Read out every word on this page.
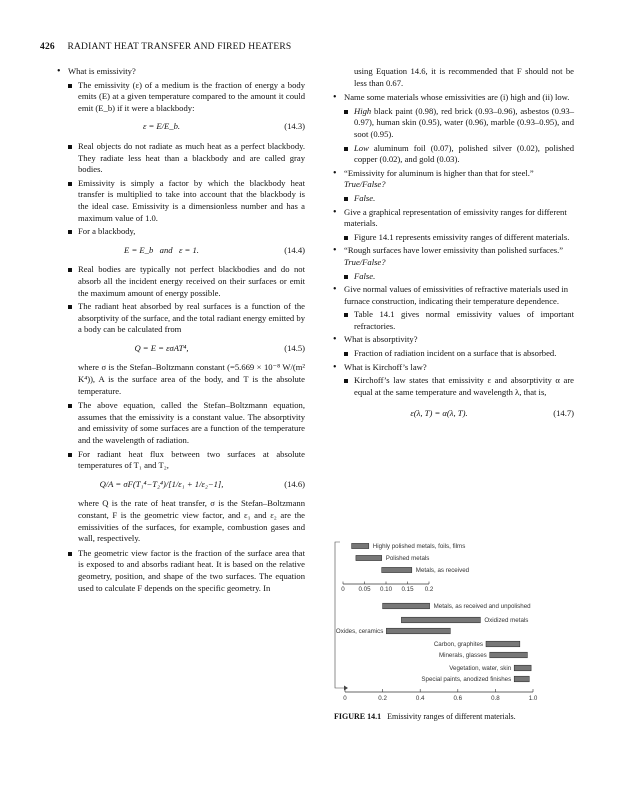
426 RADIANT HEAT TRANSFER AND FIRED HEATERS
• What is emissivity?
The emissivity (ε) of a medium is the fraction of energy a body emits (E) at a given temperature compared to the amount it could emit (E_b) if it were a blackbody:
ε = E/E_b.	(14.3)
Real objects do not radiate as much heat as a perfect blackbody. They radiate less heat than a blackbody and are called gray bodies.
Emissivity is simply a factor by which the blackbody heat transfer is multiplied to take into account that the blackbody is the ideal case. Emissivity is a dimensionless number and has a maximum value of 1.0.
For a blackbody,
E = E_b   and   ε = 1.	(14.4)
Real bodies are typically not perfect blackbodies and do not absorb all the incident energy received on their surfaces or emit the maximum amount of energy possible.
The radiant heat absorbed by real surfaces is a function of the absorptivity of the surface, and the total radiant energy emitted by a body can be calculated from
Q = E = εσAT⁴,	(14.5)
where σ is the Stefan–Boltzmann constant (=5.669 × 10⁻⁸ W/(m² K⁴)), A is the surface area of the body, and T is the absolute temperature.
The above equation, called the Stefan–Boltzmann equation, assumes that the emissivity is a constant value. The absorptivity and emissivity of some surfaces are a function of the temperature and the wavelength of radiation.
For radiant heat flux between two surfaces at absolute temperatures of T₁ and T₂,
Q/A = σF(T₁⁴−T₂⁴)/[1/ε₁ + 1/ε₂−1],	(14.6)
where Q is the rate of heat transfer, σ is the Stefan–Boltzmann constant, F is the geometric view factor, and ε₁ and ε₂ are the emissivities of the surfaces, for example, combustion gases and wall, respectively.
The geometric view factor is the fraction of the surface area that is exposed to and absorbs radiant heat. It is based on the relative geometry, position, and shape of the two surfaces. The equation used to calculate F depends on the specific geometry. In
using Equation 14.6, it is recommended that F should not be less than 0.67.
• Name some materials whose emissivities are (i) high and (ii) low.
High black paint (0.98), red brick (0.93–0.96), asbestos (0.93–0.97), human skin (0.95), water (0.96), marble (0.93–0.95), and soot (0.95).
Low aluminum foil (0.07), polished silver (0.02), polished copper (0.02), and gold (0.03).
• “Emissivity for aluminum is higher than that for steel.” True/False?
False.
• Give a graphical representation of emissivity ranges for different materials.
Figure 14.1 represents emissivity ranges of different materials.
• “Rough surfaces have lower emissivity than polished surfaces.” True/False?
False.
• Give normal values of emissivities of refractive materials used in furnace construction, indicating their temperature dependence.
Table 14.1 gives normal emissivity values of important refractories.
• What is absorptivity?
Fraction of radiation incident on a surface that is absorbed.
• What is Kirchoff’s law?
Kirchoff’s law states that emissivity ε and absorptivity α are equal at the same temperature and wavelength λ, that is,
ε(λ, T) = α(λ, T).	(14.7)
0 0.05 0.10 0.15 0.2
Highly polished metals, foils, films
Polished metals
Metals, as received
0	0.2	0.4	0.6	0.8	1.0
Metals, as received and unpolished
Oxidized metals
Oxides, ceramics
Carbon, graphites
Minerals, glasses
Vegetation, water, skin
Special paints, anodized finishes
FIGURE 14.1 Emissivity ranges of different materials.
